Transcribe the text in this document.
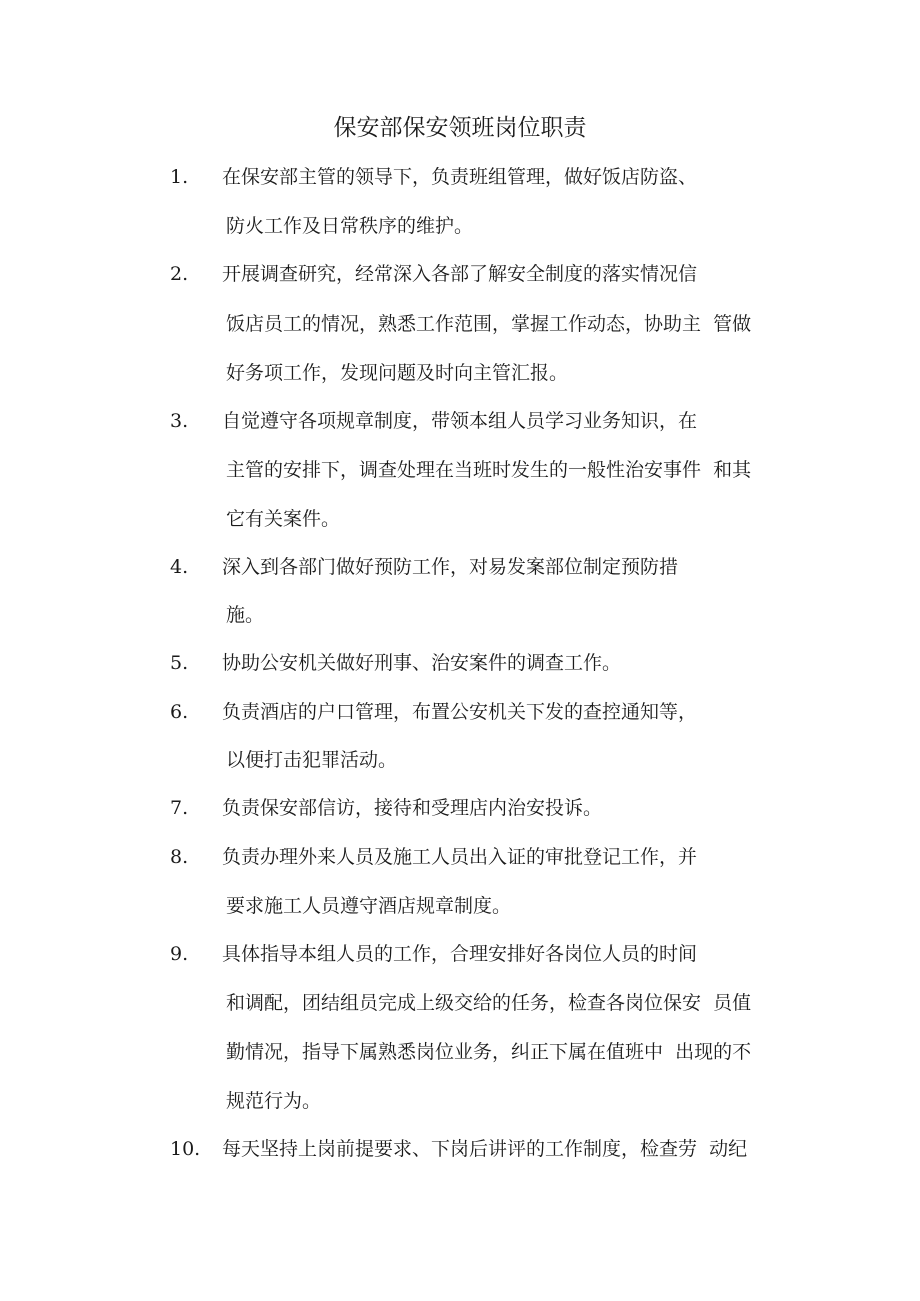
保安部保安领班岗位职责
1. 在保安部主管的领导下，负责班组管理，做好饭店防盗、
防火工作及日常秩序的维护。
2. 开展调查研究，经常深入各部了解安全制度的落实情况信
饭店员工的情况，熟悉工作范围，掌握工作动态，协助主  管做
好务项工作，发现问题及时向主管汇报。
3. 自觉遵守各项规章制度，带领本组人员学习业务知识，在
主管的安排下，调查处理在当班时发生的一般性治安事件  和其
它有关案件。
4. 深入到各部门做好预防工作，对易发案部位制定预防措
施。
5. 协助公安机关做好刑事、治安案件的调查工作。
6. 负责酒店的户口管理，布置公安机关下发的查控通知等，
以便打击犯罪活动。
7. 负责保安部信访，接待和受理店内治安投诉。
8. 负责办理外来人员及施工人员出入证的审批登记工作，并
要求施工人员遵守酒店规章制度。
9. 具体指导本组人员的工作，合理安排好各岗位人员的时间
和调配，团结组员完成上级交给的任务，检查各岗位保安  员值
勤情况，指导下属熟悉岗位业务，纠正下属在值班中  出现的不
规范行为。
10. 每天坚持上岗前提要求、下岗后讲评的工作制度，检查劳  动纪
